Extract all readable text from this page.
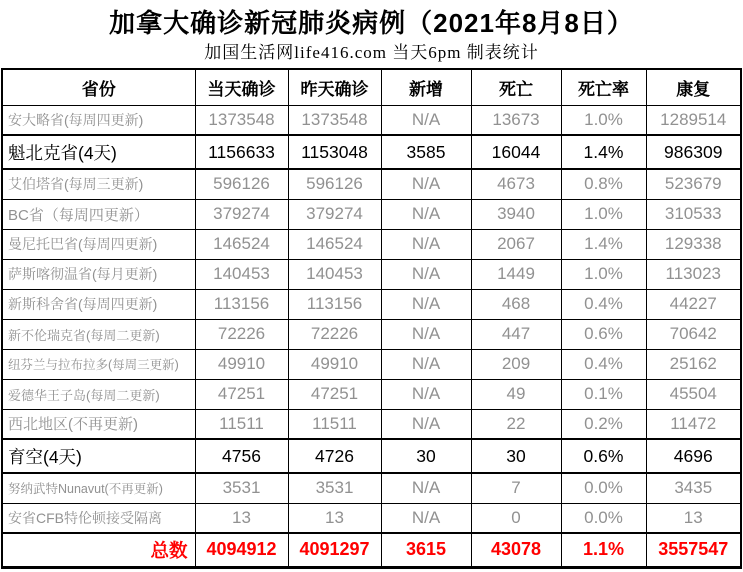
加拿大确诊新冠肺炎病例（2021年8月8日）
加国生活网life416.com 当天6pm 制表统计
省份	当天确诊	昨天确诊	新增	死亡	死亡率	康复
安大略省(每周四更新)	1373548	1373548	N/A	13673	1.0%	1289514
魁北克省(4天)	1156633	1153048	3585	16044	1.4%	986309
艾伯塔省(每周三更新)	596126	596126	N/A	4673	0.8%	523679
BC省（每周四更新）	379274	379274	N/A	3940	1.0%	310533
曼尼托巴省(每周四更新)	146524	146524	N/A	2067	1.4%	129338
萨斯喀彻温省(每月更新)	140453	140453	N/A	1449	1.0%	113023
新斯科舍省(每周四更新)	113156	113156	N/A	468	0.4%	44227
新不伦瑞克省(每周二更新)	72226	72226	N/A	447	0.6%	70642
纽芬兰与拉布拉多(每周三更新)	49910	49910	N/A	209	0.4%	25162
爱德华王子岛(每周二更新)	47251	47251	N/A	49	0.1%	45504
西北地区(不再更新)	11511	11511	N/A	22	0.2%	11472
育空(4天)	4756	4726	30	30	0.6%	4696
努纳武特Nunavut(不再更新)	3531	3531	N/A	7	0.0%	3435
安省CFB特伦顿接受隔离	13	13	N/A	0	0.0%	13
总数	4094912	4091297	3615	43078	1.1%	3557547
